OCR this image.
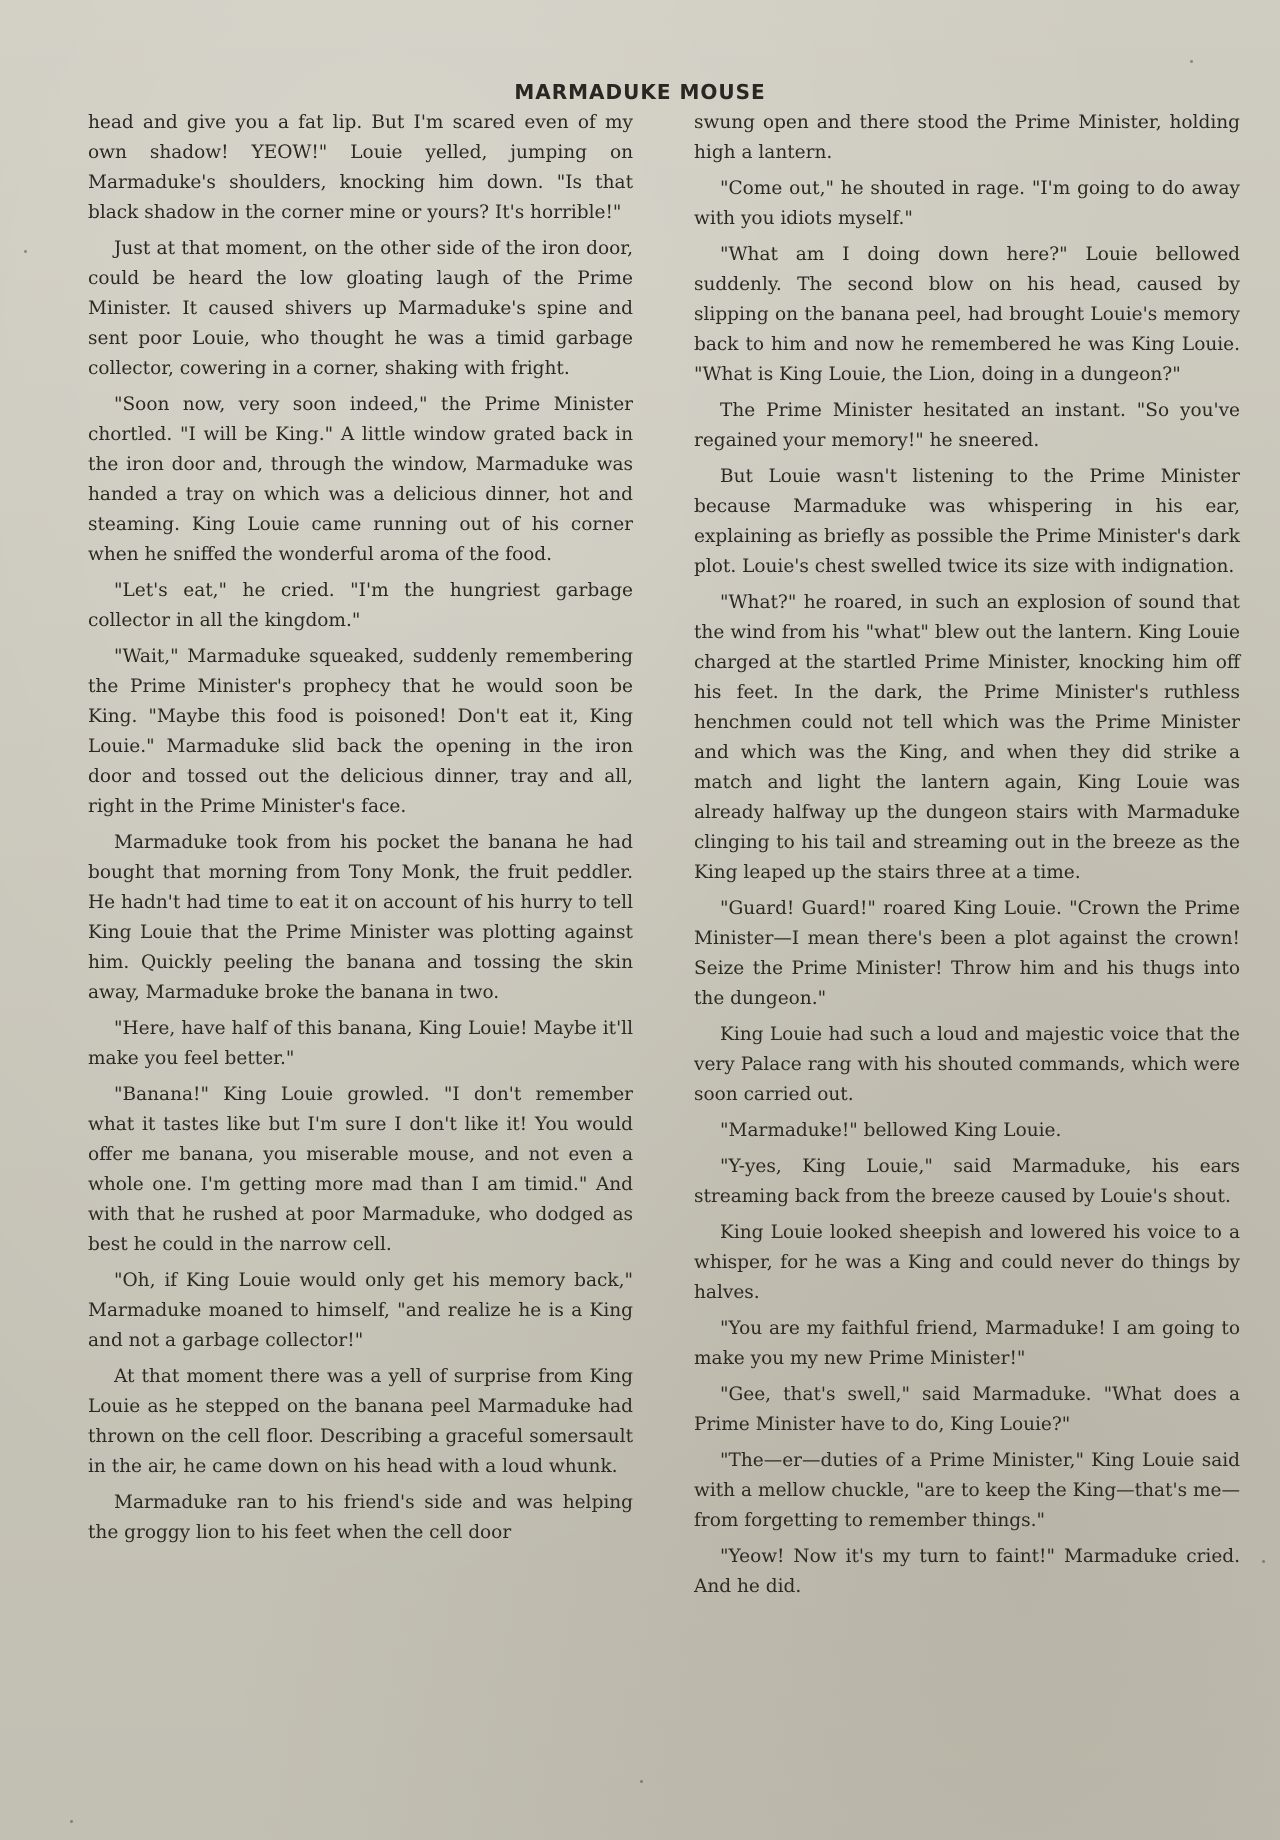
MARMADUKE MOUSE

head and give you a fat lip. But I'm scared even of my own shadow! YEOW!" Louie yelled, jumping on Marmaduke's shoulders, knocking him down. "Is that black shadow in the corner mine or yours? It's horrible!"

Just at that moment, on the other side of the iron door, could be heard the low gloating laugh of the Prime Minister. It caused shivers up Marmaduke's spine and sent poor Louie, who thought he was a timid garbage collector, cowering in a corner, shaking with fright.

"Soon now, very soon indeed," the Prime Minister chortled. "I will be King." A little window grated back in the iron door and, through the window, Marmaduke was handed a tray on which was a delicious dinner, hot and steaming. King Louie came running out of his corner when he sniffed the wonderful aroma of the food.

"Let's eat," he cried. "I'm the hungriest garbage collector in all the kingdom."

"Wait," Marmaduke squeaked, suddenly remembering the Prime Minister's prophecy that he would soon be King. "Maybe this food is poisoned! Don't eat it, King Louie." Marmaduke slid back the opening in the iron door and tossed out the delicious dinner, tray and all, right in the Prime Minister's face.

Marmaduke took from his pocket the banana he had bought that morning from Tony Monk, the fruit peddler. He hadn't had time to eat it on account of his hurry to tell King Louie that the Prime Minister was plotting against him. Quickly peeling the banana and tossing the skin away, Marmaduke broke the banana in two.

"Here, have half of this banana, King Louie! Maybe it'll make you feel better."

"Banana!" King Louie growled. "I don't remember what it tastes like but I'm sure I don't like it! You would offer me banana, you miserable mouse, and not even a whole one. I'm getting more mad than I am timid." And with that he rushed at poor Marmaduke, who dodged as best he could in the narrow cell.

"Oh, if King Louie would only get his memory back," Marmaduke moaned to himself, "and realize he is a King and not a garbage collector!"

At that moment there was a yell of surprise from King Louie as he stepped on the banana peel Marmaduke had thrown on the cell floor. Describing a graceful somersault in the air, he came down on his head with a loud whunk.

Marmaduke ran to his friend's side and was helping the groggy lion to his feet when the cell door

swung open and there stood the Prime Minister, holding high a lantern.

"Come out," he shouted in rage. "I'm going to do away with you idiots myself."

"What am I doing down here?" Louie bellowed suddenly. The second blow on his head, caused by slipping on the banana peel, had brought Louie's memory back to him and now he remembered he was King Louie. "What is King Louie, the Lion, doing in a dungeon?"

The Prime Minister hesitated an instant. "So you've regained your memory!" he sneered.

But Louie wasn't listening to the Prime Minister because Marmaduke was whispering in his ear, explaining as briefly as possible the Prime Minister's dark plot. Louie's chest swelled twice its size with indignation.

"What?" he roared, in such an explosion of sound that the wind from his "what" blew out the lantern. King Louie charged at the startled Prime Minister, knocking him off his feet. In the dark, the Prime Minister's ruthless henchmen could not tell which was the Prime Minister and which was the King, and when they did strike a match and light the lantern again, King Louie was already halfway up the dungeon stairs with Marmaduke clinging to his tail and streaming out in the breeze as the King leaped up the stairs three at a time.

"Guard! Guard!" roared King Louie. "Crown the Prime Minister—I mean there's been a plot against the crown! Seize the Prime Minister! Throw him and his thugs into the dungeon."

King Louie had such a loud and majestic voice that the very Palace rang with his shouted commands, which were soon carried out.

"Marmaduke!" bellowed King Louie.

"Y-yes, King Louie," said Marmaduke, his ears streaming back from the breeze caused by Louie's shout.

King Louie looked sheepish and lowered his voice to a whisper, for he was a King and could never do things by halves.

"You are my faithful friend, Marmaduke! I am going to make you my new Prime Minister!"

"Gee, that's swell," said Marmaduke. "What does a Prime Minister have to do, King Louie?"

"The—er—duties of a Prime Minister," King Louie said with a mellow chuckle, "are to keep the King—that's me—from forgetting to remember things."

"Yeow! Now it's my turn to faint!" Marmaduke cried. And he did.
